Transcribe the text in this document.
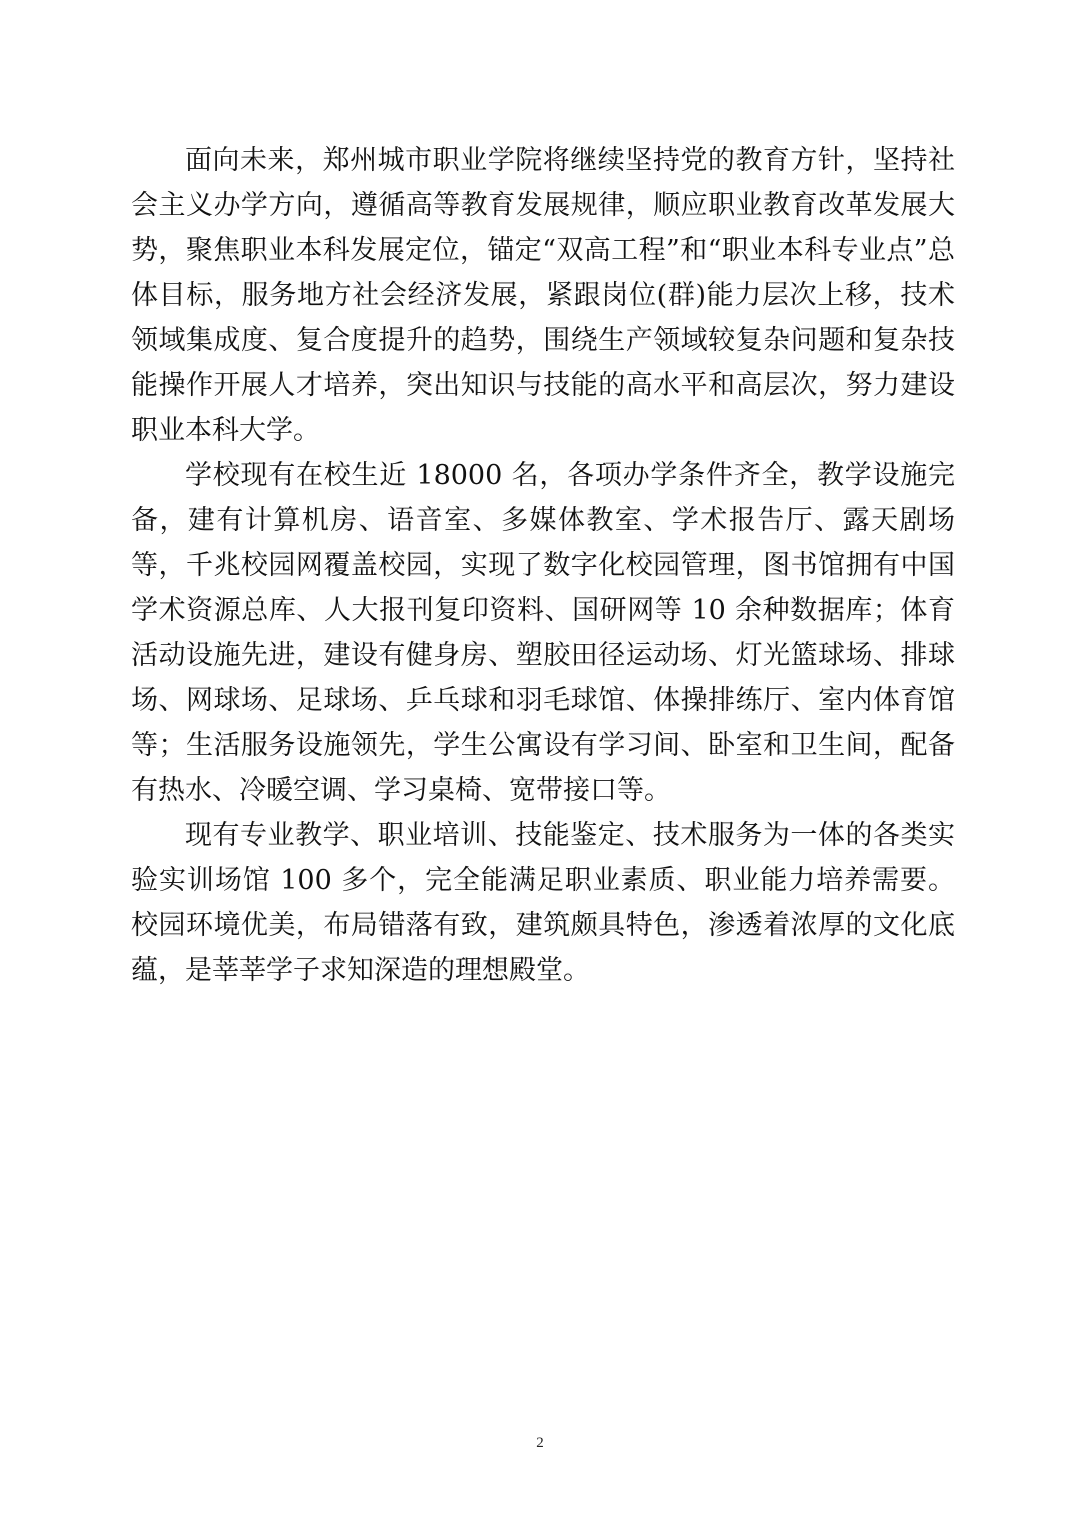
面向未来，郑州城市职业学院将继续坚持党的教育方针，坚持社会主义办学方向，遵循高等教育发展规律，顺应职业教育改革发展大势，聚焦职业本科发展定位，锚定“双高工程”和“职业本科专业点”总体目标，服务地方社会经济发展，紧跟岗位(群)能力层次上移，技术领域集成度、复合度提升的趋势，围绕生产领域较复杂问题和复杂技能操作开展人才培养，突出知识与技能的高水平和高层次，努力建设职业本科大学。

学校现有在校生近 18000 名，各项办学条件齐全，教学设施完备，建有计算机房、语音室、多媒体教室、学术报告厅、露天剧场等，千兆校园网覆盖校园，实现了数字化校园管理，图书馆拥有中国学术资源总库、人大报刊复印资料、国研网等 10 余种数据库；体育活动设施先进，建设有健身房、塑胶田径运动场、灯光篮球场、排球场、网球场、足球场、乒乓球和羽毛球馆、体操排练厅、室内体育馆等；生活服务设施领先，学生公寓设有学习间、卧室和卫生间，配备有热水、冷暖空调、学习桌椅、宽带接口等。

现有专业教学、职业培训、技能鉴定、技术服务为一体的各类实验实训场馆 100 多个，完全能满足职业素质、职业能力培养需要。校园环境优美，布局错落有致，建筑颇具特色，渗透着浓厚的文化底蕴，是莘莘学子求知深造的理想殿堂。

2
